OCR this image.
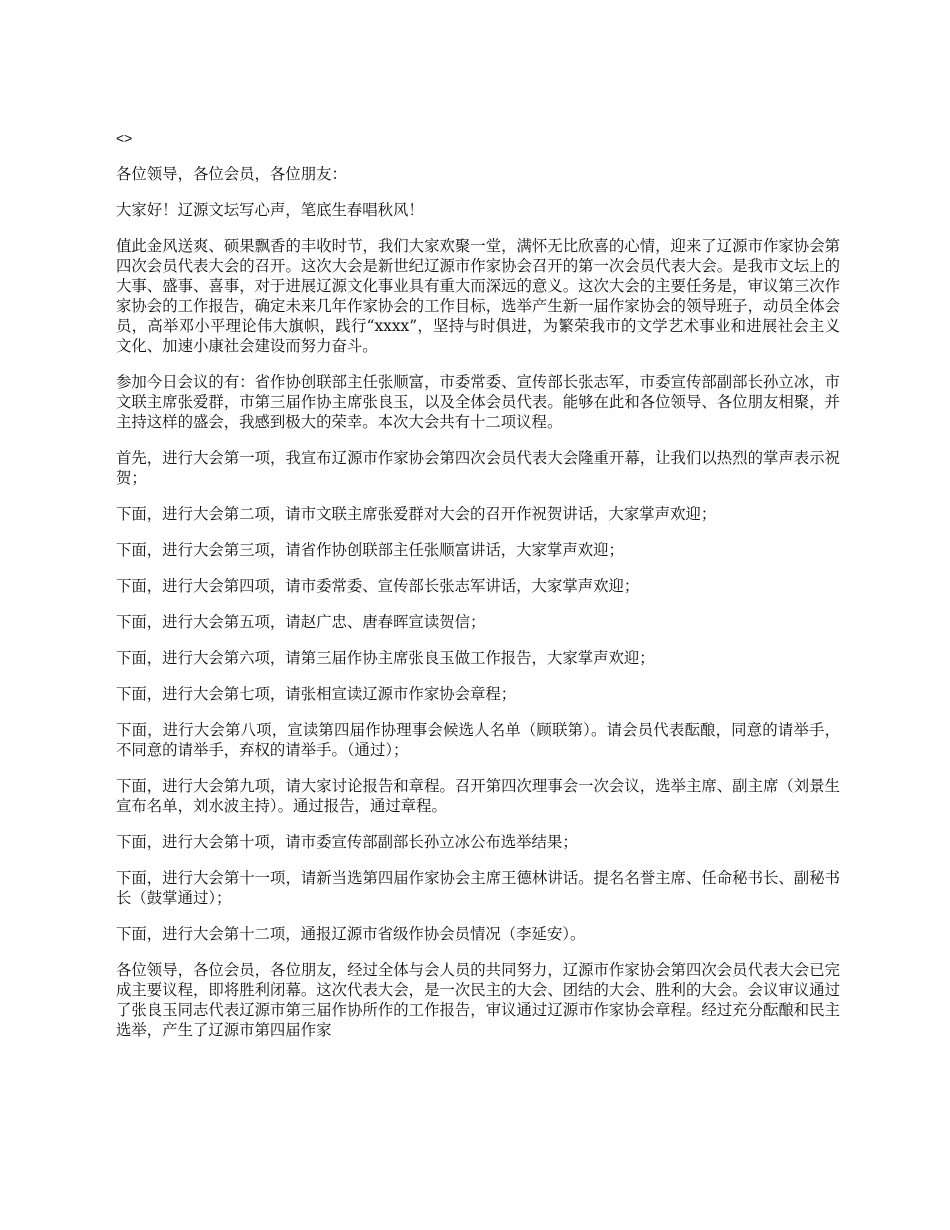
<>

各位领导，各位会员，各位朋友：

大家好！辽源文坛写心声，笔底生春唱秋风！

值此金风送爽、硕果飘香的丰收时节，我们大家欢聚一堂，满怀无比欣喜的心情，迎来了辽源市作家协会第四次会员代表大会的召开。这次大会是新世纪辽源市作家协会召开的第一次会员代表大会。是我市文坛上的大事、盛事、喜事，对于进展辽源文化事业具有重大而深远的意义。这次大会的主要任务是，审议第三次作家协会的工作报告，确定未来几年作家协会的工作目标，选举产生新一届作家协会的领导班子，动员全体会员，高举邓小平理论伟大旗帜，践行“xxxx”，坚持与时俱进，为繁荣我市的文学艺术事业和进展社会主义文化、加速小康社会建设而努力奋斗。

参加今日会议的有：省作协创联部主任张顺富，市委常委、宣传部长张志军，市委宣传部副部长孙立冰，市文联主席张爱群，市第三届作协主席张良玉，以及全体会员代表。能够在此和各位领导、各位朋友相聚，并主持这样的盛会，我感到极大的荣幸。本次大会共有十二项议程。

首先，进行大会第一项，我宣布辽源市作家协会第四次会员代表大会隆重开幕，让我们以热烈的掌声表示祝贺；

下面，进行大会第二项，请市文联主席张爱群对大会的召开作祝贺讲话，大家掌声欢迎；

下面，进行大会第三项，请省作协创联部主任张顺富讲话，大家掌声欢迎；

下面，进行大会第四项，请市委常委、宣传部长张志军讲话，大家掌声欢迎；

下面，进行大会第五项，请赵广忠、唐春晖宣读贺信；

下面，进行大会第六项，请第三届作协主席张良玉做工作报告，大家掌声欢迎；

下面，进行大会第七项，请张相宣读辽源市作家协会章程；

下面，进行大会第八项，宣读第四届作协理事会候选人名单（顾联第）。请会员代表酝酿，同意的请举手，不同意的请举手，弃权的请举手。（通过）；

下面，进行大会第九项，请大家讨论报告和章程。召开第四次理事会一次会议，选举主席、副主席（刘景生宣布名单，刘水波主持）。通过报告，通过章程。

下面，进行大会第十项，请市委宣传部副部长孙立冰公布选举结果；

下面，进行大会第十一项，请新当选第四届作家协会主席王德林讲话。提名名誉主席、任命秘书长、副秘书长（鼓掌通过）；

下面，进行大会第十二项，通报辽源市省级作协会员情况（李延安）。

各位领导，各位会员，各位朋友，经过全体与会人员的共同努力，辽源市作家协会第四次会员代表大会已完成主要议程，即将胜利闭幕。这次代表大会，是一次民主的大会、团结的大会、胜利的大会。会议审议通过了张良玉同志代表辽源市第三届作协所作的工作报告，审议通过辽源市作家协会章程。经过充分酝酿和民主选举，产生了辽源市第四届作家
